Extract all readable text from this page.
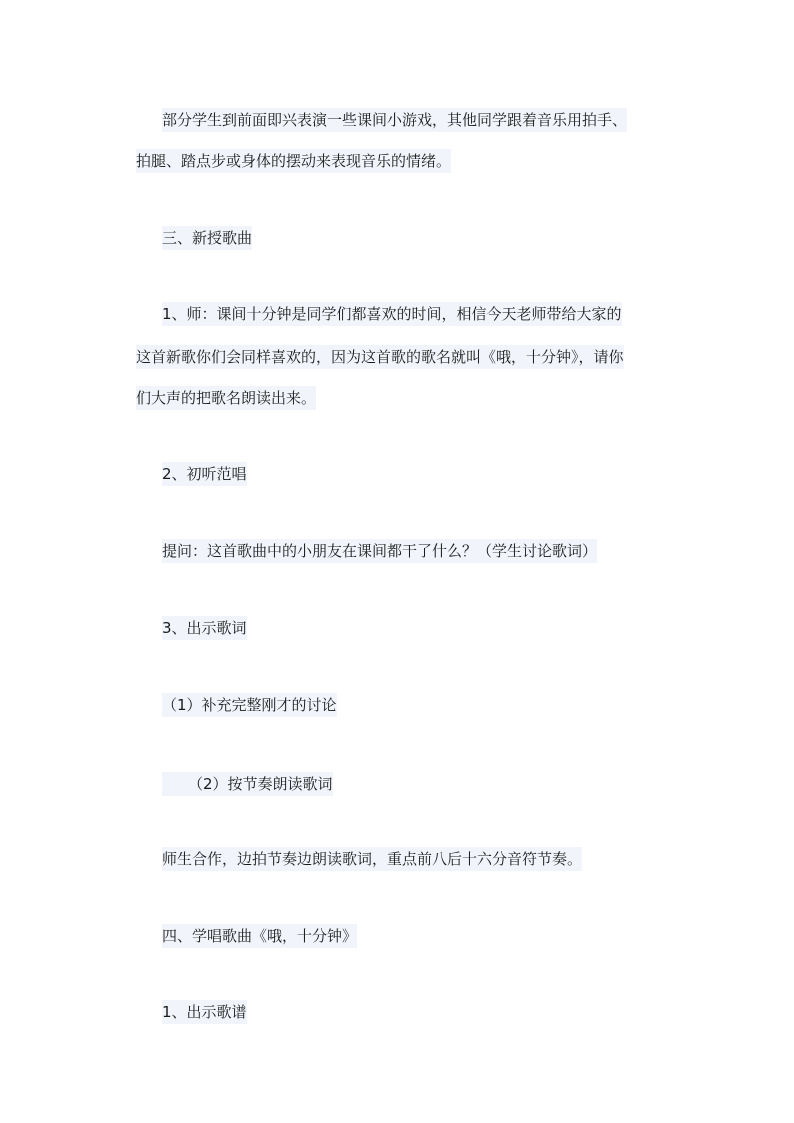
部分学生到前面即兴表演一些课间小游戏，其他同学跟着音乐用拍手、
拍腿、踏点步或身体的摆动来表现音乐的情绪。
三、新授歌曲
1、师：课间十分钟是同学们都喜欢的时间，相信今天老师带给大家的
这首新歌你们会同样喜欢的，因为这首歌的歌名就叫《哦，十分钟》，请你
们大声的把歌名朗读出来。
2、初听范唱
提问：这首歌曲中的小朋友在课间都干了什么？（学生讨论歌词）
3、出示歌词
（1）补充完整刚才的讨论
（2）按节奏朗读歌词
师生合作，边拍节奏边朗读歌词，重点前八后十六分音符节奏。
四、学唱歌曲《哦，十分钟》
1、出示歌谱
